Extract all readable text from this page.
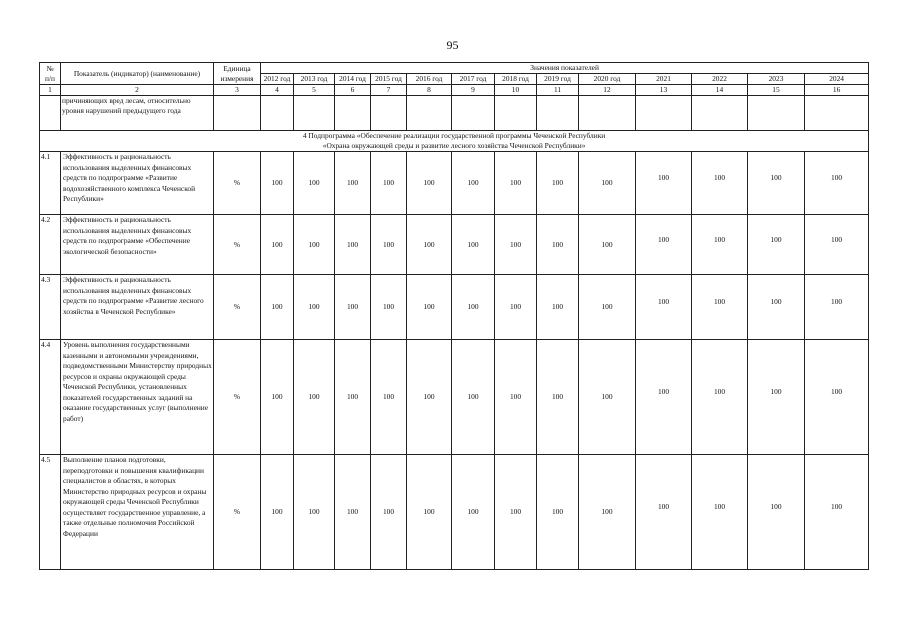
95
№
п/п	Показатель (индикатор) (наименование)	Единица измерения	Значения показателей												
			2012 год	2013 год	2014 год	2015 год	2016 год	2017 год	2018 год	2019 год	2020 год	2021	2022	2023	2024
1	2	3	4	5	6	7	8	9	10	11	12	13	14	15	16
	причиняющих вред лесам, относительно уровня нарушений предыдущего года														

4 Подпрограмма «Обеспечение реализации государственной программы Чеченской Республики
«Охрана окружающей среды и развитие лесного хозяйства Чеченской Республики»															

4.1	Эффективность и рациональность использования выделенных финансовых средств по подпрограмме «Развитие водохозяйственного комплекса Чеченской Республики»	%	100	100	100	100	100	100	100	100	100	100	100	100	100
4.2	Эффективность и рациональность использования выделенных финансовых средств по подпрограмме «Обеспечение экологической безопасности»	%	100	100	100	100	100	100	100	100	100	100	100	100	100
4.3	Эффективность и рациональность использования выделенных финансовых средств по подпрограмме «Развитие лесного хозяйства в Чеченской Республике»	%	100	100	100	100	100	100	100	100	100	100	100	100	100
4.4	Уровень выполнения государственными казенными и автономными учреждениями, подведомственными Министерству природных ресурсов и охраны окружающей среды Чеченской Республики, установленных показателей государственных заданий на оказание государственных услуг (выполнение работ)	%	100	100	100	100	100	100	100	100	100	100	100	100	100
4.5	Выполнение планов подготовки, переподготовки и повышения квалификации специалистов в областях, в которых Министерство природных ресурсов и охраны окружающей среды Чеченской Республики осуществляет государственное управление, а также отдельные полномочия Российской Федерации	%	100	100	100	100	100	100	100	100	100	100	100	100	100
